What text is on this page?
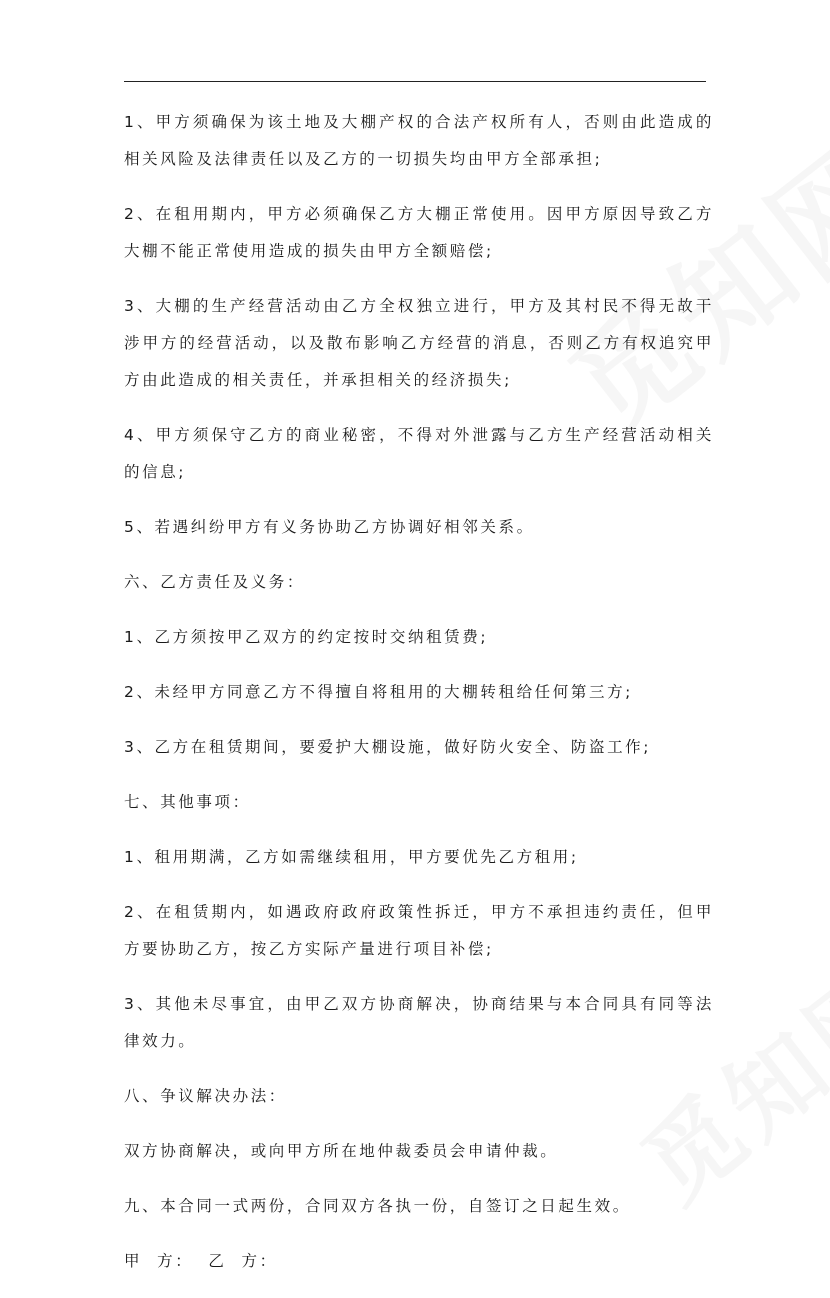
1、甲方须确保为该土地及大棚产权的合法产权所有人，否则由此造成的相关风险及法律责任以及乙方的一切损失均由甲方全部承担;

2、在租用期内，甲方必须确保乙方大棚正常使用。因甲方原因导致乙方大棚不能正常使用造成的损失由甲方全额赔偿;

3、大棚的生产经营活动由乙方全权独立进行，甲方及其村民不得无故干涉甲方的经营活动，以及散布影响乙方经营的消息，否则乙方有权追究甲方由此造成的相关责任，并承担相关的经济损失;

4、甲方须保守乙方的商业秘密，不得对外泄露与乙方生产经营活动相关的信息;

5、若遇纠纷甲方有义务协助乙方协调好相邻关系。

六、乙方责任及义务：

1、乙方须按甲乙双方的约定按时交纳租赁费;

2、未经甲方同意乙方不得擅自将租用的大棚转租给任何第三方;

3、乙方在租赁期间，要爱护大棚设施，做好防火安全、防盗工作;

七、其他事项：

1、租用期满，乙方如需继续租用，甲方要优先乙方租用;

2、在租赁期内，如遇政府政府政策性拆迁，甲方不承担违约责任，但甲方要协助乙方，按乙方实际产量进行项目补偿;

3、其他未尽事宜，由甲乙双方协商解决，协商结果与本合同具有同等法律效力。

八、争议解决办法：

双方协商解决，或向甲方所在地仲裁委员会申请仲裁。

九、本合同一式两份，合同双方各执一份，自签订之日起生效。

甲  方：  乙  方：
